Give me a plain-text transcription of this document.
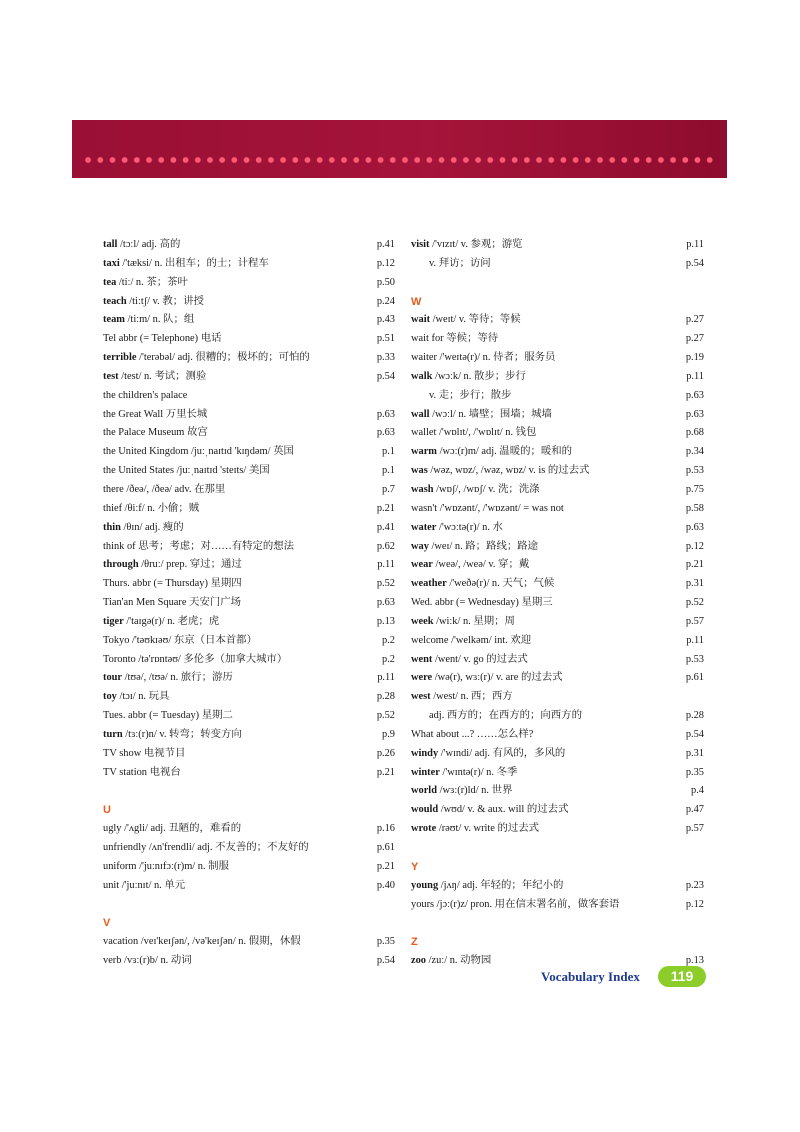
tall /tɔːl/ adj. 高的	p.41
taxi /'tæksi/ n. 出租车；的士；计程车	p.12
tea /tiː/ n. 茶；茶叶	p.50
teach /tiːtʃ/ v. 教；讲授	p.24
team /tiːm/ n. 队；组	p.43
Tel abbr (= Telephone) 电话	p.51
terrible /'terəbəl/ adj. 很糟的；极坏的；可怕的	p.33
test /test/ n. 考试；测验	p.54
the children's palace
the Great Wall 万里长城	p.63
the Palace Museum 故宫	p.63
the United Kingdom /juːˌnaɪtɪd 'kɪŋdəm/ 英国	p.1
the United States /juːˌnaɪtɪd 'steɪts/ 美国	p.1
there /ðeə/, /ðeə/ adv. 在那里	p.7
thief /θiːf/ n. 小偷；贼	p.21
thin /θɪn/ adj. 瘦的	p.41
think of 思考；考虑；对……有特定的想法	p.62
through /θruː/ prep. 穿过；通过	p.11
Thurs. abbr (= Thursday) 星期四	p.52
Tian'an Men Square 天安门广场	p.63
tiger /'taɪgə(r)/ n. 老虎；虎	p.13
Tokyo /'təʊkɪəʊ/ 东京（日本首都）	p.2
Toronto /tə'rɒntəʊ/ 多伦多（加拿大城市）	p.2
tour /tʊə/, /tʊə/ n. 旅行；游历	p.11
toy /tɔɪ/ n. 玩具	p.28
Tues. abbr (= Tuesday) 星期二	p.52
turn /tɜː(r)n/ v. 转弯；转变方向	p.9
TV show 电视节目	p.26
TV station 电视台	p.21
U
ugly /'ʌgli/ adj. 丑陋的，难看的	p.16
unfriendly /ʌn'frendli/ adj. 不友善的；不友好的	p.61
uniform /'juːnɪfɔː(r)m/ n. 制服	p.21
unit /'juːnɪt/ n. 单元	p.40
V
vacation /veɪ'keɪʃən/, /və'keɪʃən/ n. 假期，休假	p.35
verb /vɜː(r)b/ n. 动词	p.54
visit /'vɪzɪt/ v. 参观；游览	p.11
v. 拜访；访问	p.54
W
wait /weɪt/ v. 等待；等候	p.27
wait for 等候；等待	p.27
waiter /'weɪtə(r)/ n. 侍者；服务员	p.19
walk /wɔːk/ n. 散步；步行	p.11
v. 走；步行；散步	p.63
wall /wɔːl/ n. 墙壁；围墙；城墙	p.63
wallet /'wɒlɪt/, /'wɒlɪt/ n. 钱包	p.68
warm /wɔː(r)m/ adj. 温暖的；暖和的	p.34
was /wəz, wɒz/, /wəz, wɒz/ v. is 的过去式	p.53
wash /wɒʃ/, /wɒʃ/ v. 洗；洗涤	p.75
wasn't /'wɒzənt/, /'wɒzənt/ = was not	p.58
water /'wɔːtə(r)/ n. 水	p.63
way /weɪ/ n. 路；路线；路途	p.12
wear /weə/, /weə/ v. 穿；戴	p.21
weather /'weðə(r)/ n. 天气；气候	p.31
Wed. abbr (= Wednesday) 星期三	p.52
week /wiːk/ n. 星期；周	p.57
welcome /'welkəm/ int. 欢迎	p.11
went /went/ v. go 的过去式	p.53
were /wə(r), wɜː(r)/ v. are 的过去式	p.61
west /west/ n. 西；西方
adj. 西方的；在西方的；向西方的	p.28
What about ...? ……怎么样?	p.54
windy /'wɪndi/ adj. 有风的，多风的	p.31
winter /'wɪntə(r)/ n. 冬季	p.35
world /wɜː(r)ld/ n. 世界	p.4
would /wʊd/ v. & aux. will 的过去式	p.47
wrote /rəʊt/ v. write 的过去式	p.57
Y
young /jʌŋ/ adj. 年轻的；年纪小的	p.23
yours /jɔː(r)z/ pron. 用在信末署名前，做客套语	p.12
Z
zoo /zuː/ n. 动物园	p.13
Vocabulary Index	119
